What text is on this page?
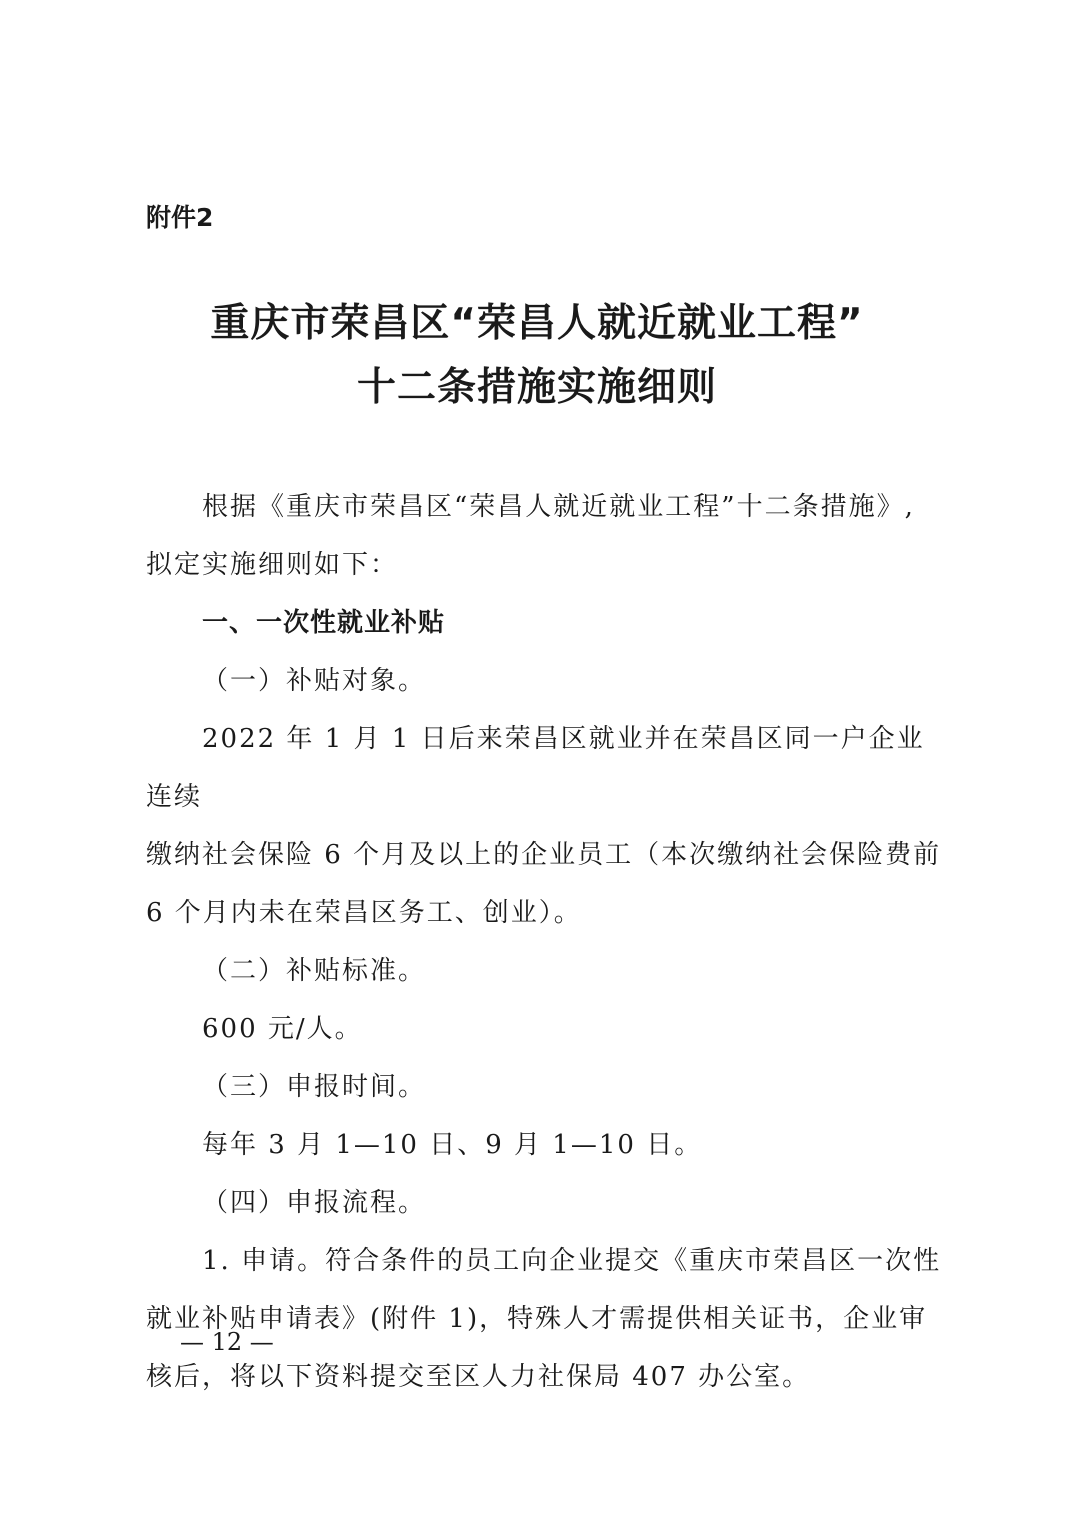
附件2
重庆市荣昌区“荣昌人就近就业工程”
十二条措施实施细则

根据《重庆市荣昌区“荣昌人就近就业工程”十二条措施》,

拟定实施细则如下：

一、一次性就业补贴

（一）补贴对象。

2022 年 1 月 1 日后来荣昌区就业并在荣昌区同一户企业连续

缴纳社会保险 6 个月及以上的企业员工（本次缴纳社会保险费前

6 个月内未在荣昌区务工、创业）。

（二）补贴标准。

600 元/人。

（三）申报时间。

每年 3 月 1—10 日、9 月 1—10 日。

（四）申报流程。

1. 申请。符合条件的员工向企业提交《重庆市荣昌区一次性

就业补贴申请表》(附件 1)，特殊人才需提供相关证书，企业审

核后，将以下资料提交至区人力社保局 407 办公室。

— 12 —
